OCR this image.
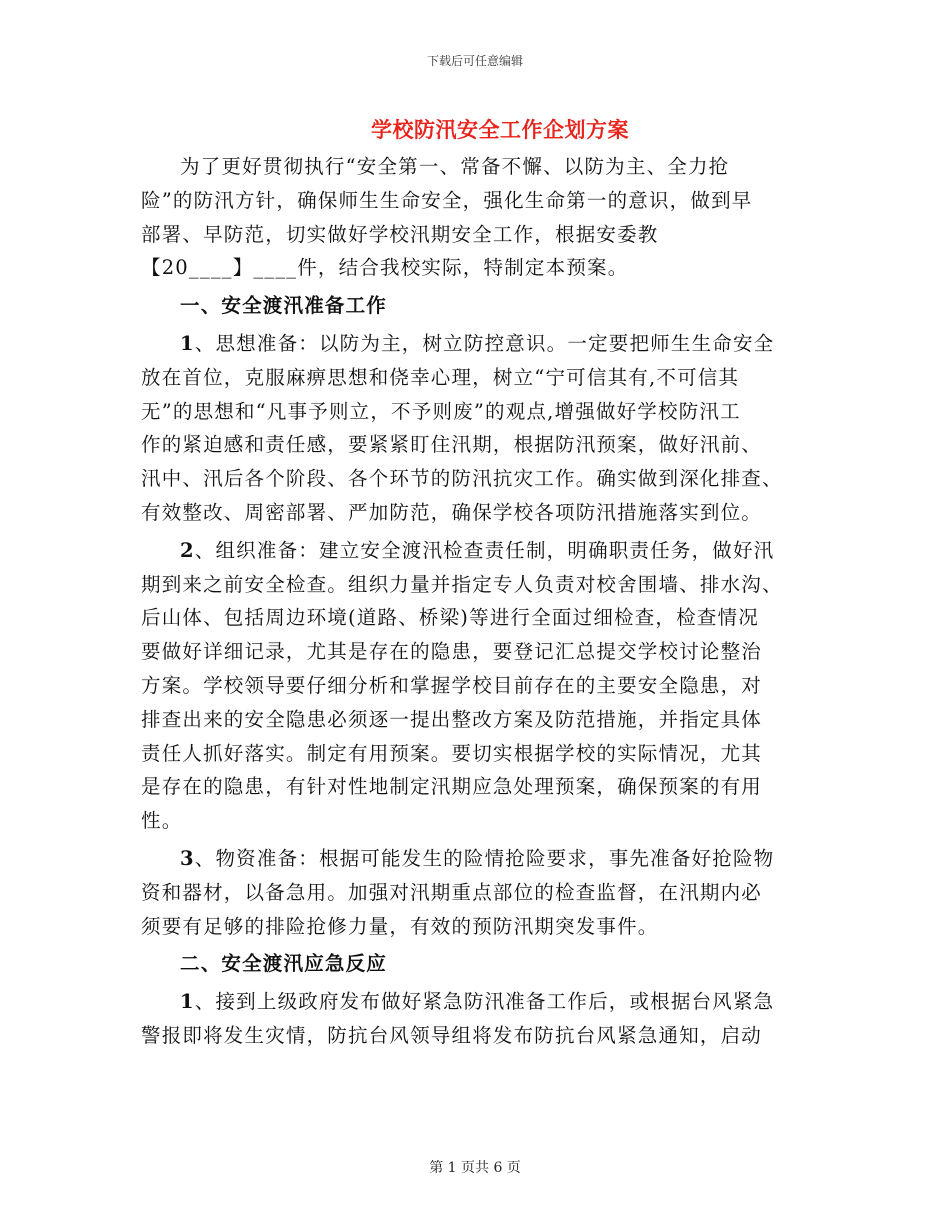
下载后可任意编辑
学校防汛安全工作企划方案
为了更好贯彻执行“安全第一、常备不懈、以防为主、全力抢
险”的防汛方针，确保师生生命安全，强化生命第一的意识，做到早
部署、早防范，切实做好学校汛期安全工作，根据安委教
【20____】____件，结合我校实际，特制定本预案。
一、安全渡汛准备工作
1、思想准备：以防为主，树立防控意识。一定要把师生生命安全
放在首位，克服麻痹思想和侥幸心理，树立“宁可信其有,不可信其
无”的思想和“凡事予则立，不予则废”的观点,增强做好学校防汛工
作的紧迫感和责任感，要紧紧盯住汛期，根据防汛预案，做好汛前、
汛中、汛后各个阶段、各个环节的防汛抗灾工作。确实做到深化排查、
有效整改、周密部署、严加防范，确保学校各项防汛措施落实到位。
2、组织准备：建立安全渡汛检查责任制，明确职责任务，做好汛
期到来之前安全检查。组织力量并指定专人负责对校舍围墙、排水沟、
后山体、包括周边环境(道路、桥梁)等进行全面过细检查，检查情况
要做好详细记录，尤其是存在的隐患，要登记汇总提交学校讨论整治
方案。学校领导要仔细分析和掌握学校目前存在的主要安全隐患，对
排查出来的安全隐患必须逐一提出整改方案及防范措施，并指定具体
责任人抓好落实。制定有用预案。要切实根据学校的实际情况，尤其
是存在的隐患，有针对性地制定汛期应急处理预案，确保预案的有用
性。
3、物资准备：根据可能发生的险情抢险要求，事先准备好抢险物
资和器材，以备急用。加强对汛期重点部位的检查监督，在汛期内必
须要有足够的排险抢修力量，有效的预防汛期突发事件。
二、安全渡汛应急反应
1、接到上级政府发布做好紧急防汛准备工作后，或根据台风紧急
警报即将发生灾情，防抗台风领导组将发布防抗台风紧急通知，启动
第 1 页共 6 页
